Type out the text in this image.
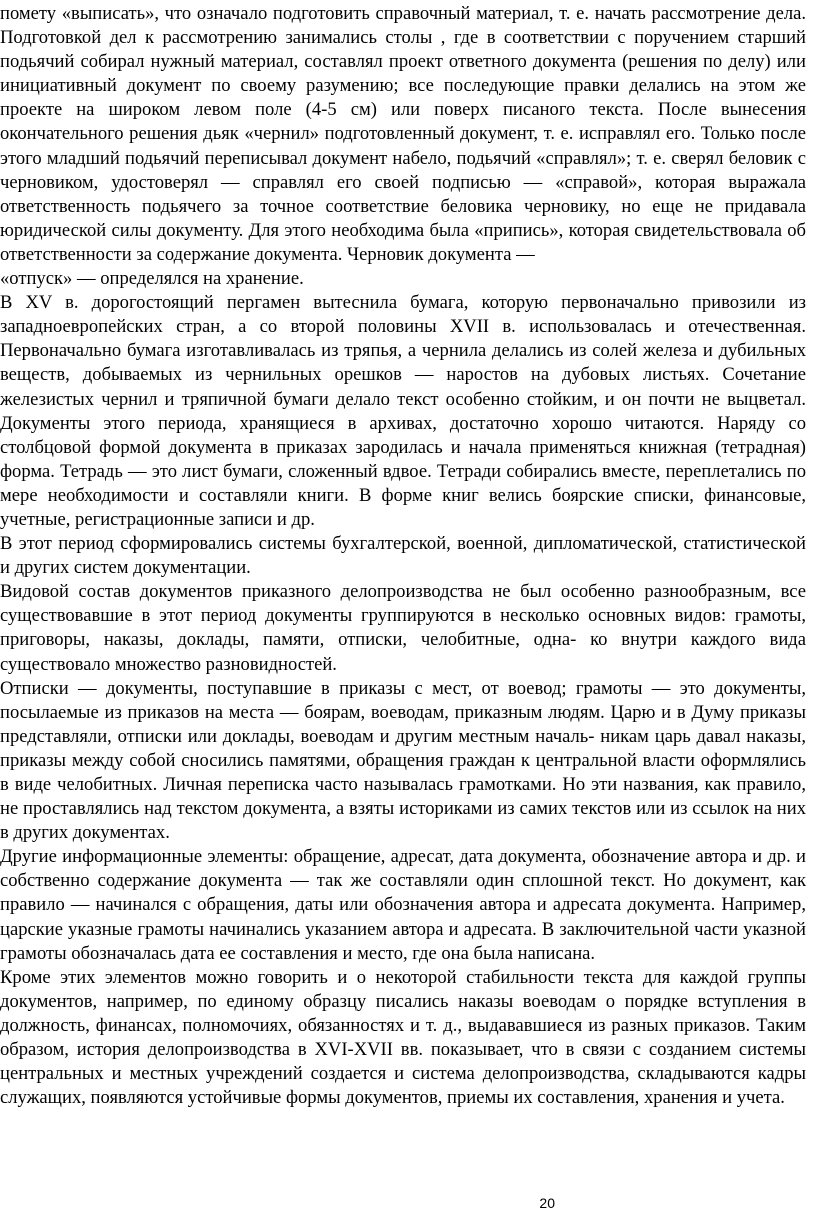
помету «выписать», что означало подготовить справочный материал, т. е. начать рассмотрение дела. Подготовкой дел к рассмотрению занимались столы , где в соответствии с поручением старший подьячий собирал нужный материал, составлял проект ответного документа (решения по делу) или инициативный документ по своему разумению; все последующие правки делались на этом же проекте на широком левом поле (4-5 см) или поверх писаного текста. После вынесения окончательного решения дьяк «чернил» подготовленный документ, т. е. исправлял его. Только после этого младший подьячий переписывал документ набело, подьячий «справлял»; т. е. сверял беловик с черновиком, удостоверял — справлял его своей подписью — «справой», которая выражала ответственность подьячего за точное соответствие беловика черновику, но еще не придавала юридической силы документу. Для этого необходима была «припись», которая свидетельствовала об ответственности за содержание документа. Черновик документа —

«отпуск» — определялся на хранение.

В XV в. дорогостоящий пергамен вытеснила бумага, которую первоначально привозили из западноевропейских стран, а со второй половины XVII в. использовалась и отечественная. Первоначально бумага изготавливалась из тряпья, а чернила делались из солей железа и дубильных веществ, добываемых из чернильных орешков — наростов на дубовых листьях. Сочетание железистых чернил и тряпичной бумаги делало текст особенно стойким, и он почти не выцветал. Документы этого периода, хранящиеся в архивах, достаточно хорошо читаются. Наряду со столбцовой формой документа в приказах зародилась и начала применяться книжная (тетрадная) форма. Тетрадь — это лист бумаги, сложенный вдвое. Тетради собирались вместе, переплетались по мере необходимости и составляли книги. В форме книг велись боярские списки, финансовые, учетные, регистрационные записи и др.

В этот период сформировались системы бухгалтерской, военной, дипломатической, статистической и других систем документации.

Видовой состав документов приказного делопроизводства не был особенно разнообразным, все существовавшие в этот период документы группируются в несколько основных видов: грамоты, приговоры, наказы, доклады, памяти, отписки, челобитные, одна- ко внутри каждого вида существовало множество разновидностей.

Отписки — документы, поступавшие в приказы с мест, от воевод; грамоты — это документы, посылаемые из приказов на места — боярам, воеводам, приказным людям. Царю и в Думу приказы представляли, отписки или доклады, воеводам и другим местным началь- никам царь давал наказы, приказы между собой сносились памятями, обращения граждан к центральной власти оформлялись в виде челобитных. Личная переписка часто называлась грамотками. Но эти названия, как правило, не проставлялись над текстом документа, а взяты историками из самих текстов или из ссылок на них в других документах.

Другие информационные элементы: обращение, адресат, дата документа, обозначение автора и др. и собственно содержание документа — так же составляли один сплошной текст. Но документ, как правило — начинался с обращения, даты или обозначения автора и адресата документа. Например, царские указные грамоты начинались указанием автора и адресата. В заключительной части указной грамоты обозначалась дата ее составления и место, где она была написана.

Кроме этих элементов можно говорить и о некоторой стабильности текста для каждой группы документов, например, по единому образцу писались наказы воеводам о порядке вступления в должность, финансах, полномочиях, обязанностях и т. д., выдававшиеся из разных приказов. Таким образом, история делопроизводства в XVI-XVII вв. показывает, что в связи с созданием системы центральных и местных учреждений создается и система делопроизводства, складываются кадры служащих, появляются устойчивые формы документов, приемы их составления, хранения и учета.

20
